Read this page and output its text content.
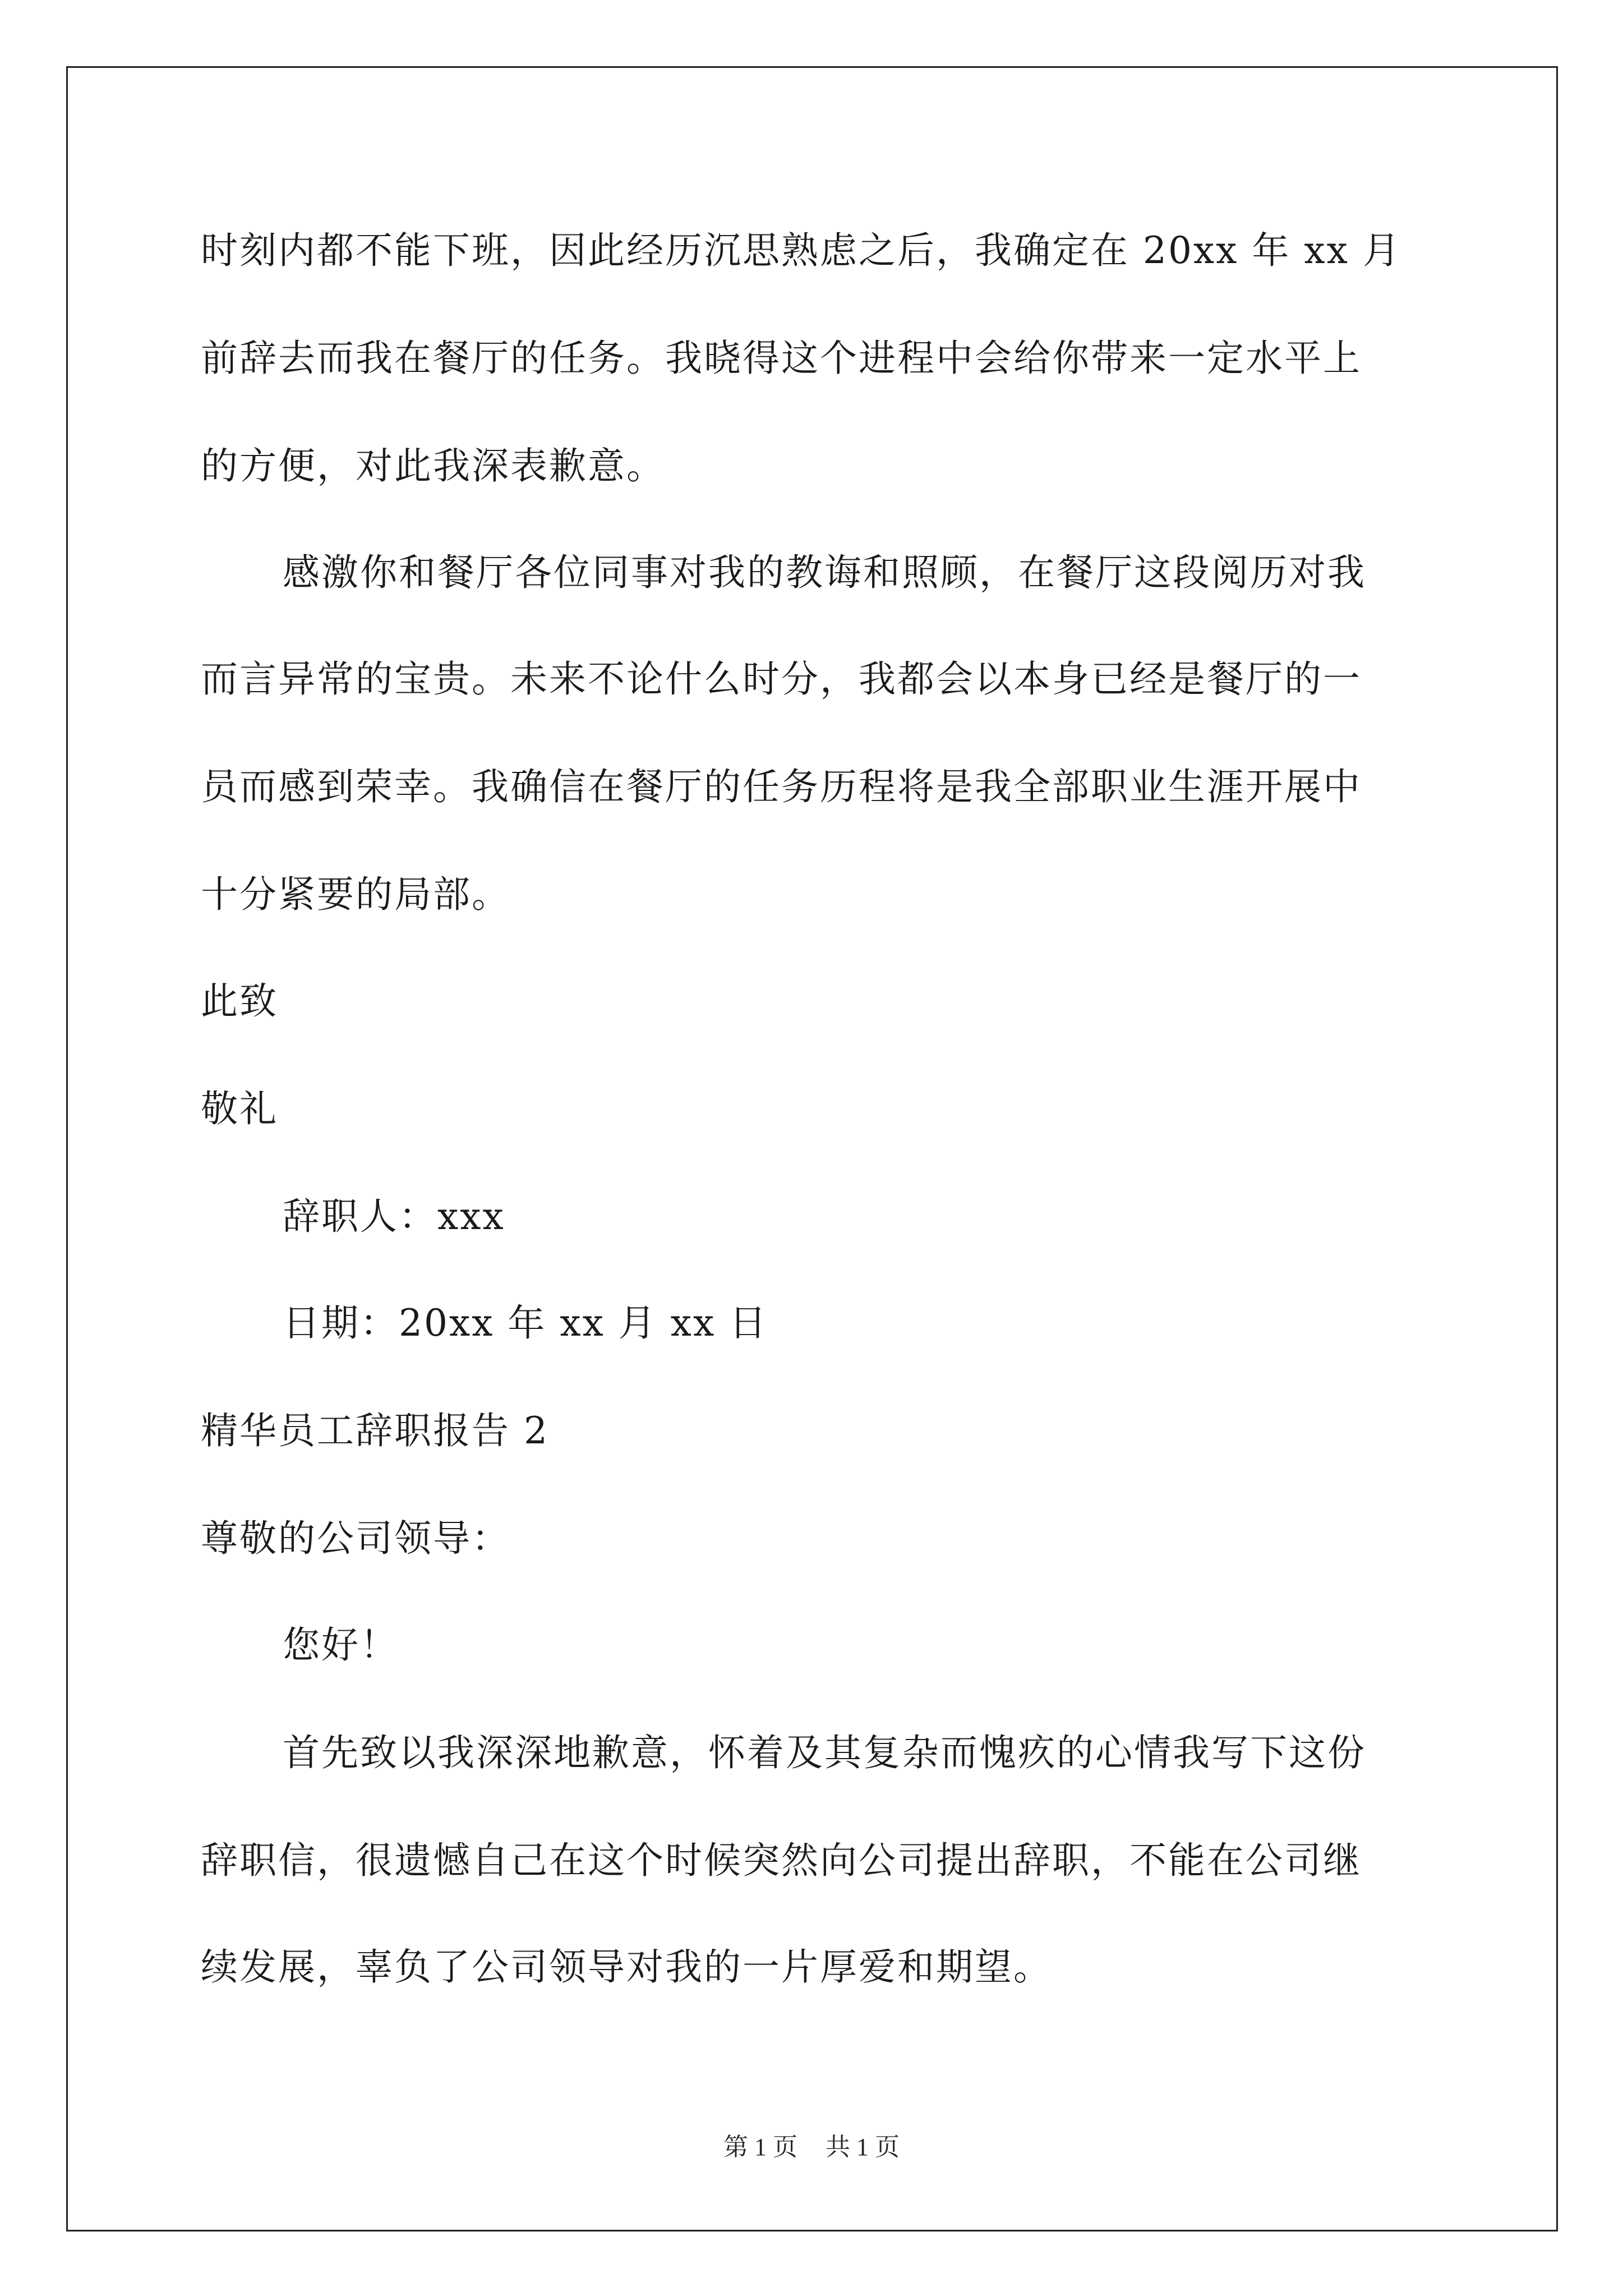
时刻内都不能下班，因此经历沉思熟虑之后，我确定在 20xx 年 xx 月
前辞去而我在餐厅的任务。我晓得这个进程中会给你带来一定水平上
的方便，对此我深表歉意。
感激你和餐厅各位同事对我的教诲和照顾，在餐厅这段阅历对我
而言异常的宝贵。未来不论什么时分，我都会以本身已经是餐厅的一
员而感到荣幸。我确信在餐厅的任务历程将是我全部职业生涯开展中
十分紧要的局部。
此致
敬礼
辞职人：xxx
日期：20xx 年 xx 月 xx 日
精华员工辞职报告 2
尊敬的公司领导：
您好！
首先致以我深深地歉意，怀着及其复杂而愧疚的心情我写下这份
辞职信，很遗憾自己在这个时候突然向公司提出辞职，不能在公司继
续发展，辜负了公司领导对我的一片厚爱和期望。
第 1 页 共 1 页
